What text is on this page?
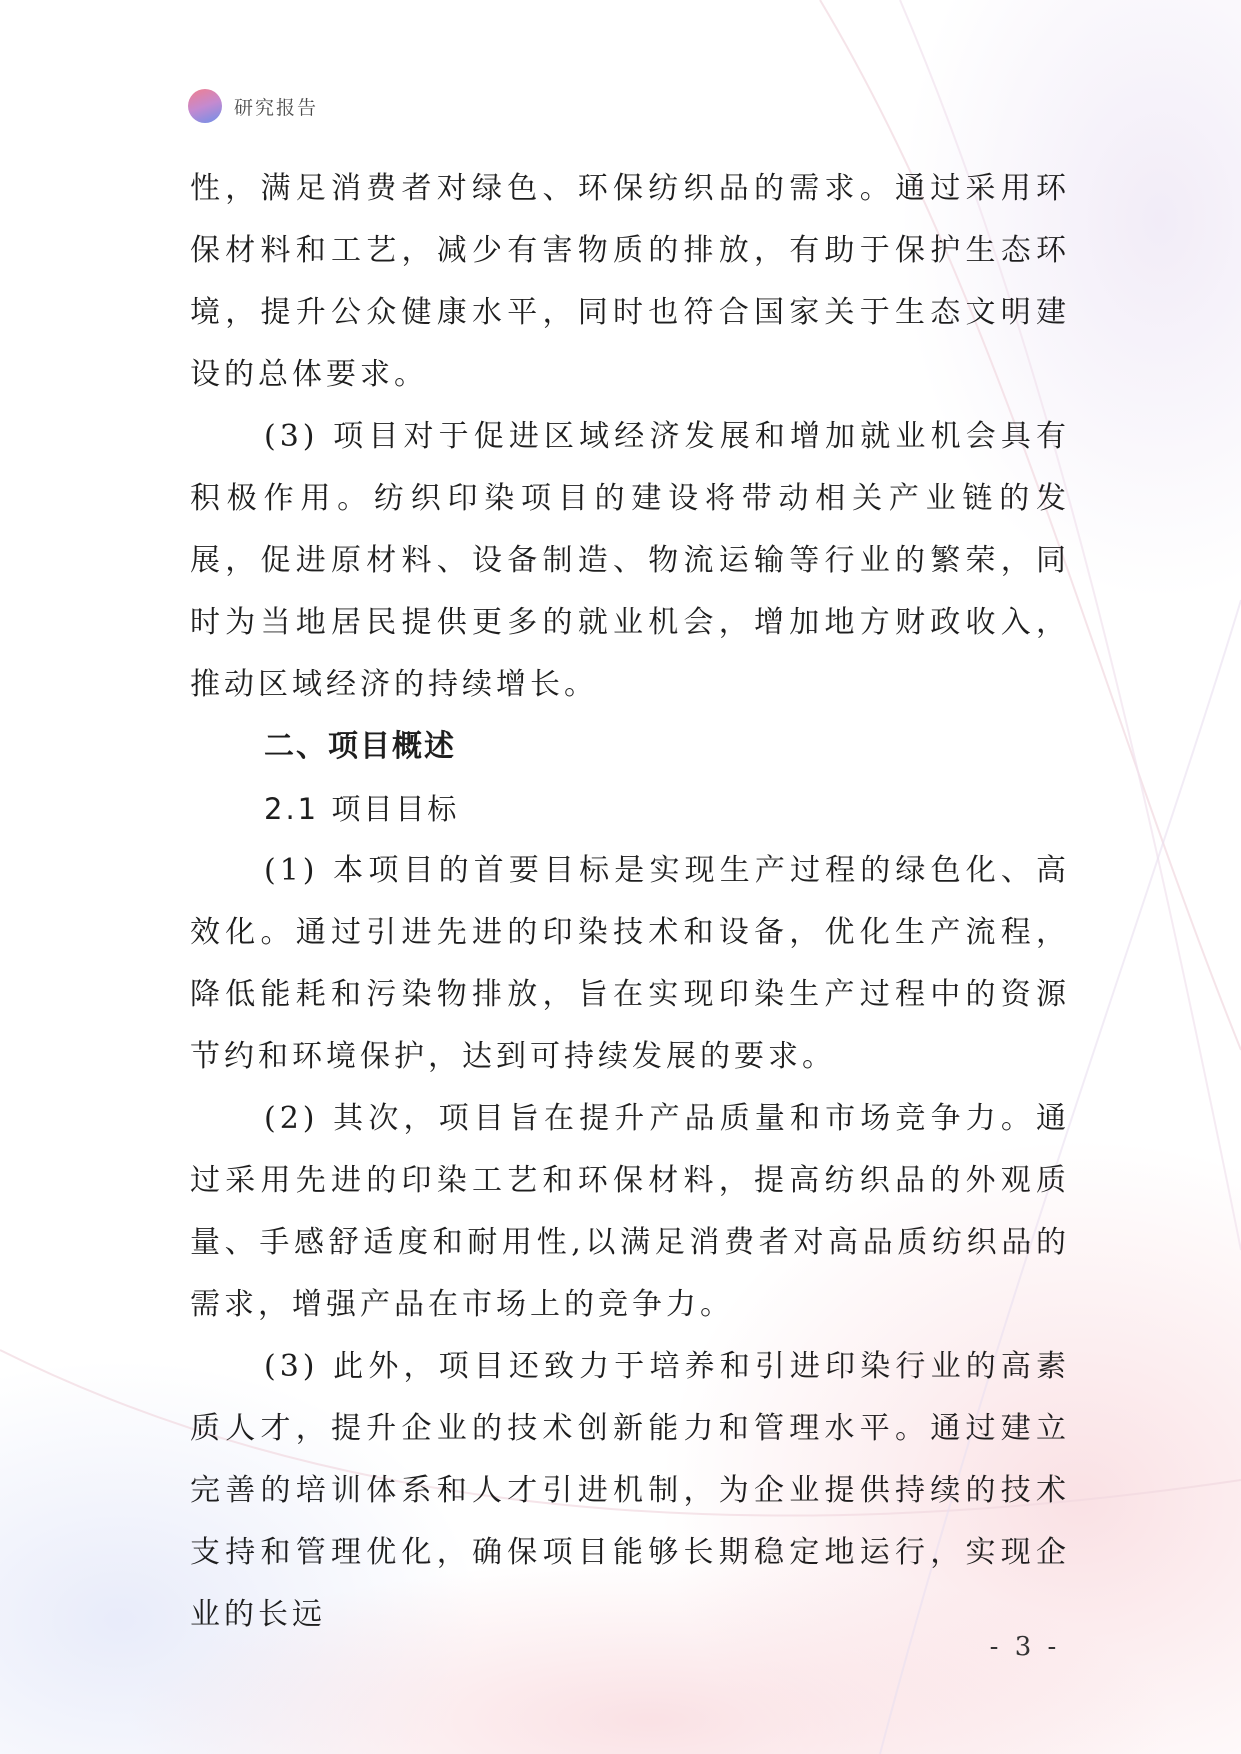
研究报告

性，满足消费者对绿色、环保纺织品的需求。通过采用环保材料和工艺，减少有害物质的排放，有助于保护生态环境，提升公众健康水平，同时也符合国家关于生态文明建设的总体要求。

(3) 项目对于促进区域经济发展和增加就业机会具有积极作用。纺织印染项目的建设将带动相关产业链的发展，促进原材料、设备制造、物流运输等行业的繁荣，同时为当地居民提供更多的就业机会，增加地方财政收入，推动区域经济的持续增长。

二、项目概述
2.1 项目目标

(1) 本项目的首要目标是实现生产过程的绿色化、高效化。通过引进先进的印染技术和设备，优化生产流程，降低能耗和污染物排放，旨在实现印染生产过程中的资源节约和环境保护，达到可持续发展的要求。

(2) 其次，项目旨在提升产品质量和市场竞争力。通过采用先进的印染工艺和环保材料，提高纺织品的外观质量、手感舒适度和耐用性,以满足消费者对高品质纺织品的需求，增强产品在市场上的竞争力。

(3) 此外，项目还致力于培养和引进印染行业的高素质人才，提升企业的技术创新能力和管理水平。通过建立完善的培训体系和人才引进机制，为企业提供持续的技术支持和管理优化，确保项目能够长期稳定地运行，实现企业的长远

- 3 -
